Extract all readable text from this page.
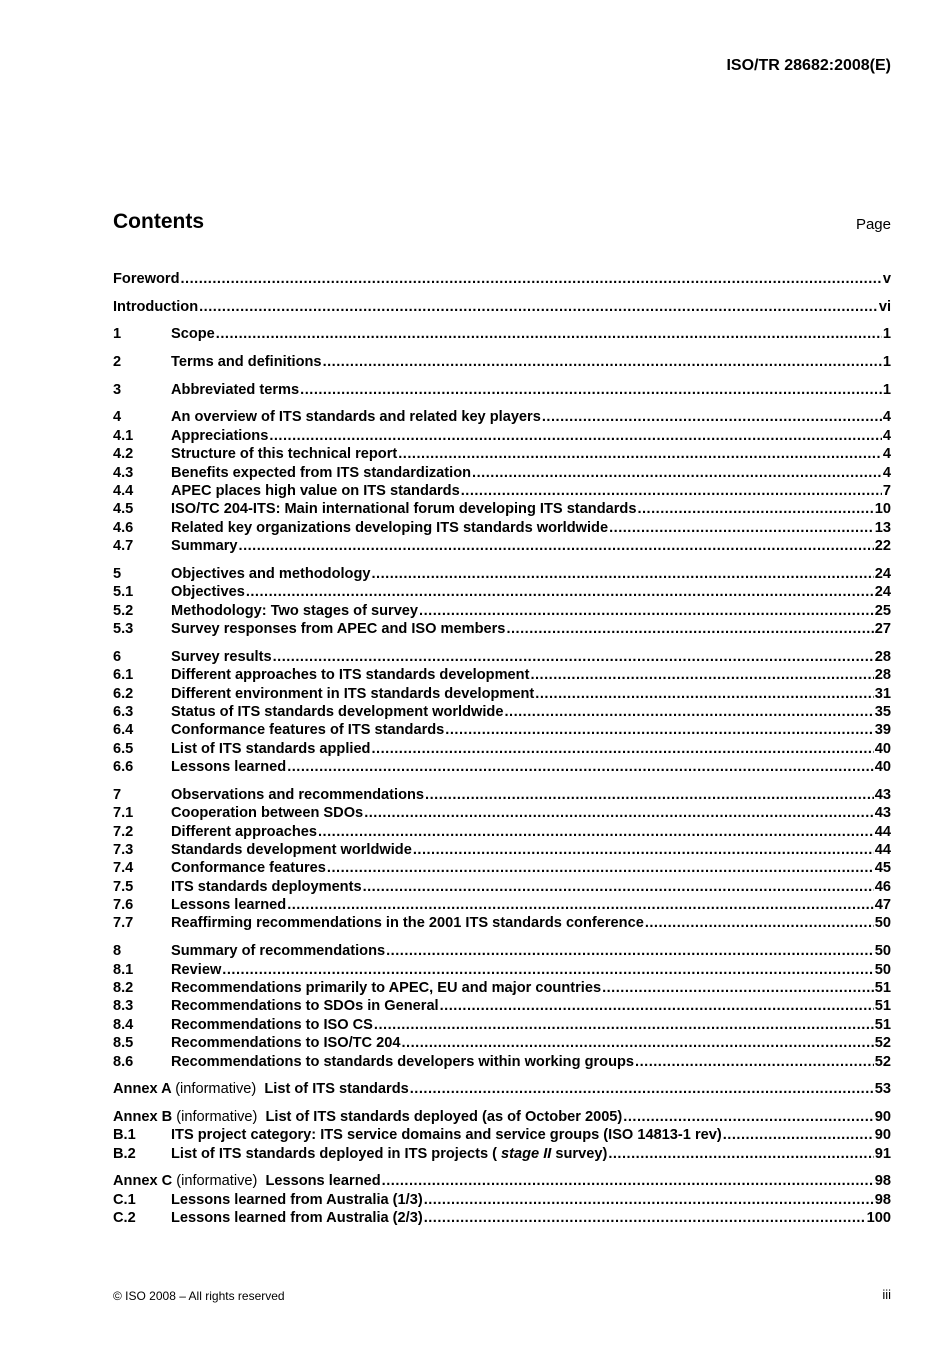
ISO/TR 28682:2008(E)
Contents	Page
Foreword .....	v
Introduction .....	vi
1	Scope .....	1
2	Terms and definitions .....	1
3	Abbreviated terms .....	1
4	An overview of ITS standards and related key players .....	4
4.1	Appreciations .....	4
4.2	Structure of this technical report .....	4
4.3	Benefits expected from ITS standardization .....	4
4.4	APEC places high value on ITS standards .....	7
4.5	ISO/TC 204-ITS: Main international forum developing ITS standards .....	10
4.6	Related key organizations developing ITS standards worldwide .....	13
4.7	Summary .....	22
5	Objectives and methodology .....	24
5.1	Objectives .....	24
5.2	Methodology: Two stages of survey .....	25
5.3	Survey responses from APEC and ISO members .....	27
6	Survey results .....	28
6.1	Different approaches to ITS standards development .....	28
6.2	Different environment in ITS standards development .....	31
6.3	Status of ITS standards development worldwide .....	35
6.4	Conformance features of ITS standards .....	39
6.5	List of ITS standards applied .....	40
6.6	Lessons learned .....	40
7	Observations and recommendations .....	43
7.1	Cooperation between SDOs .....	43
7.2	Different approaches .....	44
7.3	Standards development worldwide .....	44
7.4	Conformance features .....	45
7.5	ITS standards deployments .....	46
7.6	Lessons learned .....	47
7.7	Reaffirming recommendations in the 2001 ITS standards conference .....	50
8	Summary of recommendations .....	50
8.1	Review .....	50
8.2	Recommendations primarily to APEC, EU and major countries .....	51
8.3	Recommendations to SDOs in General .....	51
8.4	Recommendations to ISO CS .....	51
8.5	Recommendations to ISO/TC 204 .....	52
8.6	Recommendations to standards developers within working groups .....	52
Annex A (informative) List of ITS standards .....	53
Annex B (informative) List of ITS standards deployed (as of October 2005) .....	90
B.1	ITS project category: ITS service domains and service groups (ISO 14813-1 rev) .....	90
B.2	List of ITS standards deployed in ITS projects ( stage II survey) .....	91
Annex C (informative) Lessons learned .....	98
C.1	Lessons learned from Australia (1/3) .....	98
C.2	Lessons learned from Australia (2/3) .....	100
© ISO 2008 – All rights reserved	iii
